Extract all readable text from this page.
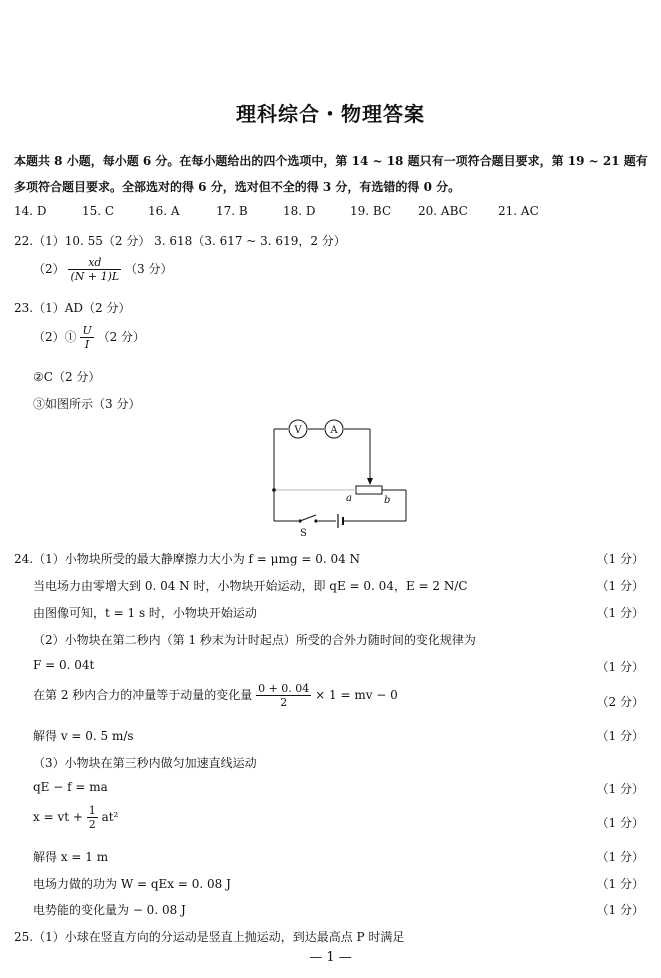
理科综合・物理答案
本题共 8 小题，每小题 6 分。在每小题给出的四个选项中，第 14 ~ 18 题只有一项符合题目要求，第 19 ~ 21 题有
多项符合题目要求。全部选对的得 6 分，选对但不全的得 3 分，有选错的得 0 分。
14. D	15. C	16. A	17. B	18. D	19. BC 20. ABC	21. AC
22.（1）10. 55（2 分） 3. 618（3. 617 ~ 3. 619，2 分）
$(2) \frac{xd}{(N + 1)L} (3$ 分）
23.（1）AD（2 分）
（2）① $\frac{U}{I} (2$ 分）
②C（2 分）
③如图所示（3 分）
V	A
a	b
S
24.（1）小物块所受的最大静摩擦力大小为 f = μmg = 0. 04 N	（1 分）
当电场力由零增大到 0. 04 N 时，小物块开始运动，即 qE = 0. 04，E = 2 N/C	（1 分）
由图像可知，t = 1 s 时，小物块开始运动	（1 分）
（2）小物块在第二秒内（第 1 秒末为计时起点）所受的合外力随时间的变化规律为
F = 0. 04t	（1 分）
在第 2 秒内合力的冲量等于动量的变化量 $\frac{0 + 0. 04}{2} \times 1$ = mv − 0	（2 分）
解得 v = 0. 5 m/s	（1 分）
（3）小物块在第三秒内做匀加速直线运动
qE − f = ma	（1 分）
x = vt + $\frac{1}{2} at^2$	（1 分）
解得 x = 1 m	（1 分）
电场力做的功为 W = qEx = 0. 08 J	（1 分）
电势能的变化量为 − 0. 08 J	（1 分）
25.（1）小球在竖直方向的分运动是竖直上抛运动，到达最高点 P 时满足
— 1 —
